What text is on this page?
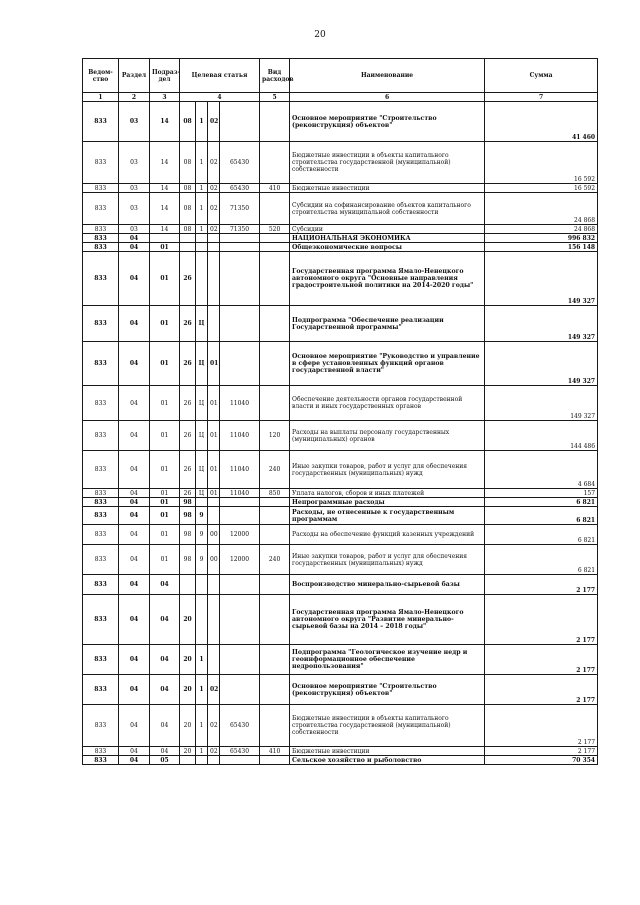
20
Ведом-
ство	Раздел	Подраз-
дел	Целевая статья				Вид расходов	Наименование	Сумма
1	2	3	4				5	6	7
833	03	14	08	1	02			Основное мероприятие "Строительство (реконструкция) объектов"	41 460
833	03	14	08	1	02	65430		Бюджетные инвестиции в объекты капитального строительства государственной (муниципальной) собственности	16 592
833	03	14	08	1	02	65430	410	Бюджетные инвестиции	16 592
833	03	14	08	1	02	71350		Субсидии на софинансирование объектов капитального строительства муниципальной собственности	24 868
833	03	14	08	1	02	71350	520	Субсидии	24 868
833	04							НАЦИОНАЛЬНАЯ ЭКОНОМИКА	996 832
833	04	01						Общеэкономические вопросы	156 148
833	04	01	26					Государственная программа Ямало-Ненецкого автономного округа "Основные направления градостроительной политики на 2014-2020 годы"	149 327
833	04	01	26	Ц				Подпрограмма "Обеспечение реализации Государственной программы"	149 327
833	04	01	26	Ц	01			Основное мероприятие "Руководство и управление в сфере установленных функций органов государственной власти"	149 327
833	04	01	26	Ц	01	11040		Обеспечение деятельности органов государственной власти и иных государственных органов	149 327
833	04	01	26	Ц	01	11040	120	Расходы на выплаты персоналу государственных (муниципальных) органов	144 486
833	04	01	26	Ц	01	11040	240	Иные закупки товаров, работ и услуг для обеспечения государственных (муниципальных) нужд	4 684
833	04	01	26	Ц	01	11040	850	Уплата налогов, сборов и иных платежей	157
833	04	01	98					Непрограммные расходы	6 821
833	04	01	98	9				Расходы, не отнесенные к государственным программам	6 821
833	04	01	98	9	00	12000		Расходы на обеспечение функций казенных учреждений	6 821
833	04	01	98	9	00	12000	240	Иные закупки товаров, работ и услуг для обеспечения государственных (муниципальных) нужд	6 821
833	04	04						Воспроизводство минерально-сырьевой базы	2 177
833	04	04	20					Государственная программа Ямало-Ненецкого автономного округа "Развитие минерально-сырьевой базы на 2014 – 2018 годы"	2 177
833	04	04	20	1				Подпрограмма "Геологическое изучение недр и геоинформационное обеспечение недропользования"	2 177
833	04	04	20	1	02			Основное мероприятие "Строительство (реконструкция) объектов"	2 177
833	04	04	20	1	02	65430		Бюджетные инвестиции в объекты капитального строительства государственной (муниципальной) собственности	2 177
833	04	04	20	1	02	65430	410	Бюджетные инвестиции	2 177
833	04	05						Сельское хозяйство и рыболовство	70 354
